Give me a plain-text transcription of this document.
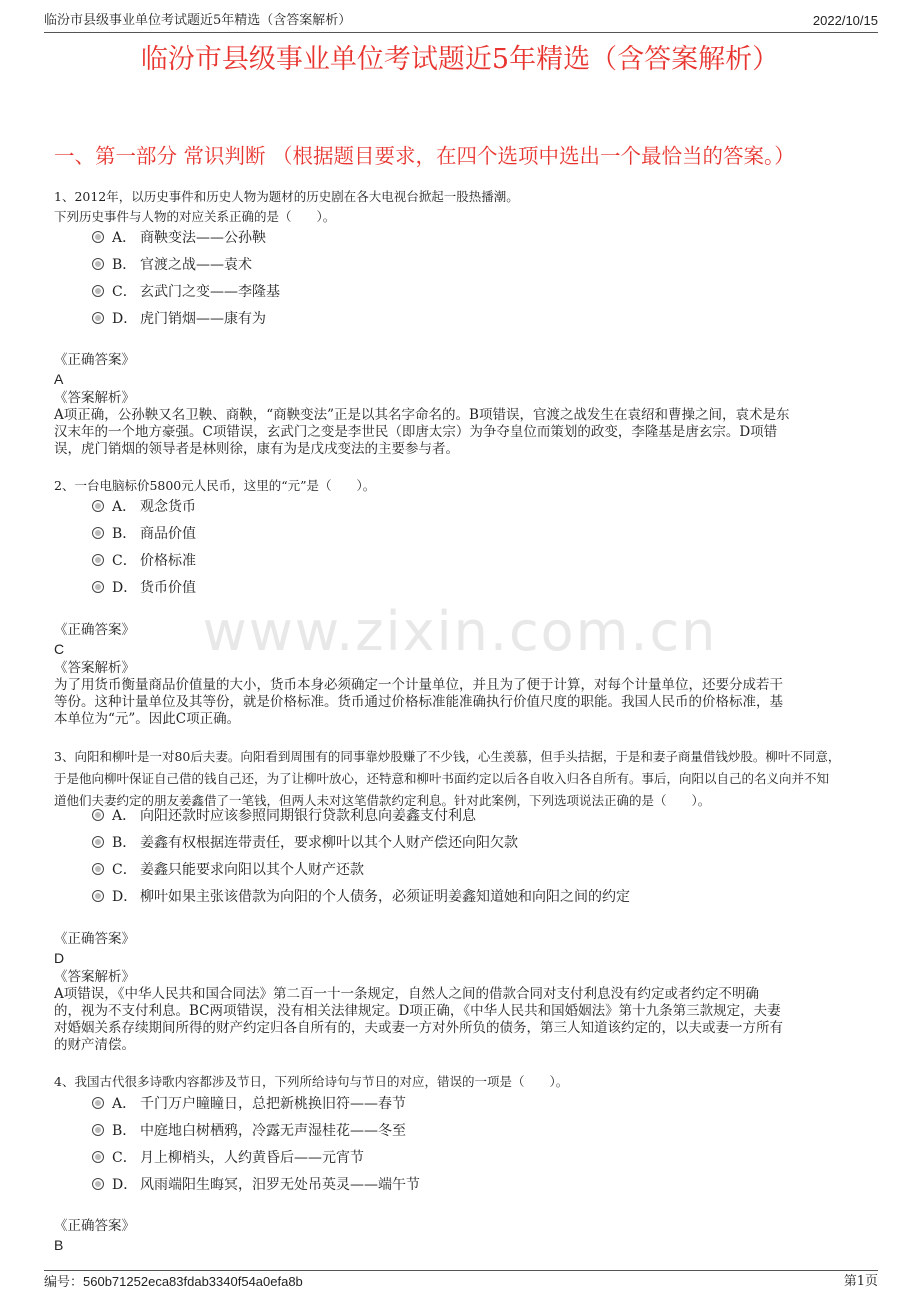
临汾市县级事业单位考试题近5年精选（含答案解析）	2022/10/15
临汾市县级事业单位考试题近5年精选（含答案解析）
一、第一部分 常识判断 （根据题目要求，在四个选项中选出一个最恰当的答案。）
www.zixin.com.cn

1、2012年，以历史事件和历史人物为题材的历史剧在各大电视台掀起一股热播潮。

下列历史事件与人物的对应关系正确的是（　　）。

A． 商鞅变法——公孙鞅
B． 官渡之战——袁术
C． 玄武门之变——李隆基
D． 虎门销烟——康有为
《正确答案》
A
《答案解析》

A项正确，公孙鞅又名卫鞅、商鞅，“商鞅变法”正是以其名字命名的。B项错误，官渡之战发生在袁绍和曹操之间，袁术是东

汉末年的一个地方豪强。C项错误，玄武门之变是李世民（即唐太宗）为争夺皇位而策划的政变，李隆基是唐玄宗。D项错

误，虎门销烟的领导者是林则徐，康有为是戊戌变法的主要参与者。

2、一台电脑标价5800元人民币，这里的“元”是（　　）。

A． 观念货币
B． 商品价值
C． 价格标准
D． 货币价值
《正确答案》
C
《答案解析》

为了用货币衡量商品价值量的大小，货币本身必须确定一个计量单位，并且为了便于计算，对每个计量单位，还要分成若干

等份。这种计量单位及其等份，就是价格标准。货币通过价格标准能准确执行价值尺度的职能。我国人民币的价格标准，基

本单位为“元”。因此C项正确。

3、向阳和柳叶是一对80后夫妻。向阳看到周围有的同事靠炒股赚了不少钱，心生羡慕，但手头拮据，于是和妻子商量借钱炒股。柳叶不同意，

于是他向柳叶保证自己借的钱自己还，为了让柳叶放心，还特意和柳叶书面约定以后各自收入归各自所有。事后，向阳以自己的名义向并不知

道他们夫妻约定的朋友姜鑫借了一笔钱，但两人未对这笔借款约定利息。针对此案例，下列选项说法正确的是（　　）。

A． 向阳还款时应该参照同期银行贷款利息向姜鑫支付利息
B． 姜鑫有权根据连带责任，要求柳叶以其个人财产偿还向阳欠款
C． 姜鑫只能要求向阳以其个人财产还款
D． 柳叶如果主张该借款为向阳的个人债务，必须证明姜鑫知道她和向阳之间的约定
《正确答案》
D
《答案解析》

A项错误，《中华人民共和国合同法》第二百一十一条规定，自然人之间的借款合同对支付利息没有约定或者约定不明确

的，视为不支付利息。BC两项错误，没有相关法律规定。D项正确，《中华人民共和国婚姻法》第十九条第三款规定，夫妻

对婚姻关系存续期间所得的财产约定归各自所有的，夫或妻一方对外所负的债务，第三人知道该约定的，以夫或妻一方所有

的财产清偿。

4、我国古代很多诗歌内容都涉及节日，下列所给诗句与节日的对应，错误的一项是（　　）。

A． 千门万户瞳瞳日，总把新桃换旧符——春节
B． 中庭地白树栖鸦，冷露无声湿桂花——冬至
C． 月上柳梢头，人约黄昏后——元宵节
D． 风雨端阳生晦冥，汨罗无处吊英灵——端午节
《正确答案》
B
编号：560b71252eca83fdab3340f54a0efa8b	第1页
